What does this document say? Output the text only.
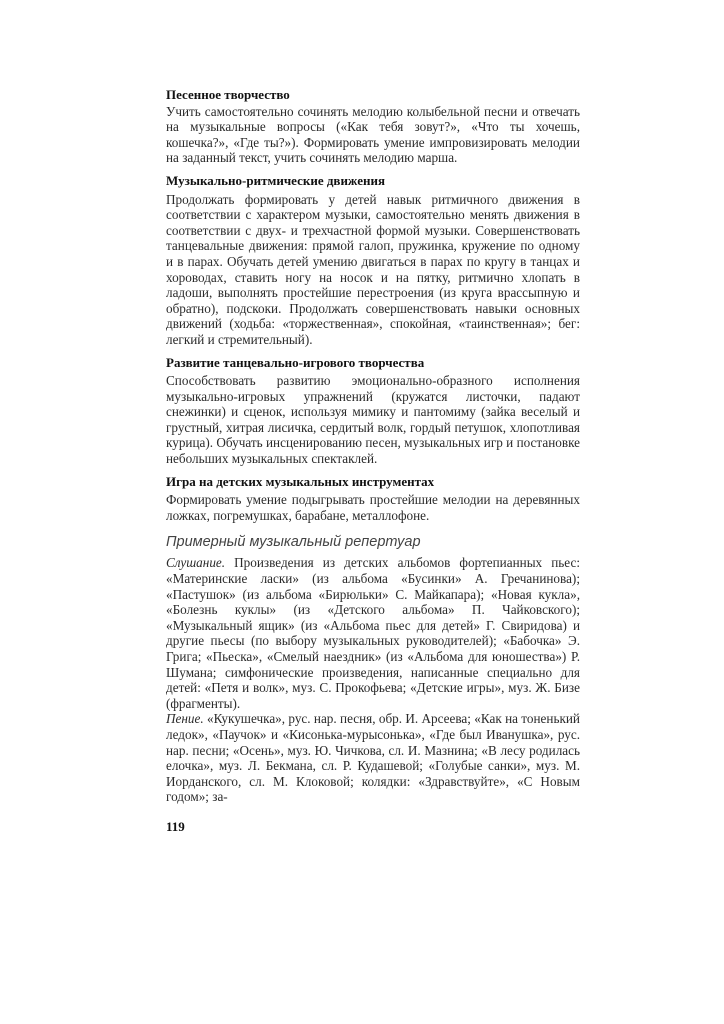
Песенное творчество

Учить самостоятельно сочинять мелодию колыбельной песни и отвечать на музыкальные вопросы («Как тебя зовут?», «Что ты хочешь, кошечка?», «Где ты?»). Формировать умение импровизировать мелодии на заданный текст, учить сочинять мелодию марша.

Музыкально-ритмические движения

Продолжать формировать у детей навык ритмичного движения в соответствии с характером музыки, самостоятельно менять движения в соответствии с двух- и трехчастной формой музыки. Совершенствовать танцевальные движения: прямой галоп, пружинка, кружение по одному и в парах. Обучать детей умению двигаться в парах по кругу в танцах и хороводах, ставить ногу на носок и на пятку, ритмично хлопать в ладоши, выполнять простейшие перестроения (из круга врассыпную и обратно), подскоки. Продолжать совершенствовать навыки основных движений (ходьба: «торжественная», спокойная, «таинственная»; бег: легкий и стремительный).

Развитие танцевально-игрового творчества

Способствовать развитию эмоционально-образного исполнения музыкально-игровых упражнений (кружатся листочки, падают снежинки) и сценок, используя мимику и пантомиму (зайка веселый и грустный, хитрая лисичка, сердитый волк, гордый петушок, хлопотливая курица). Обучать инсценированию песен, музыкальных игр и постановке небольших музыкальных спектаклей.

Игра на детских музыкальных инструментах

Формировать умение подыгрывать простейшие мелодии на деревянных ложках, погремушках, барабане, металлофоне.

Примерный музыкальный репертуар

Слушание. Произведения из детских альбомов фортепианных пьес: «Материнские ласки» (из альбома «Бусинки» А. Гречанинова); «Пастушок» (из альбома «Бирюльки» С. Майкапара); «Новая кукла», «Болезнь куклы» (из «Детского альбома» П. Чайковского); «Музыкальный ящик» (из «Альбома пьес для детей» Г. Свиридова) и другие пьесы (по выбору музыкальных руководителей); «Бабочка» Э. Грига; «Пьеска», «Смелый наездник» (из «Альбома для юношества») Р. Шумана; симфонические произведения, написанные специально для детей: «Петя и волк», муз. С. Прокофьева; «Детские игры», муз. Ж. Бизе (фрагменты).

Пение. «Кукушечка», рус. нар. песня, обр. И. Арсеева; «Как на тоненький ледок», «Паучок» и «Кисонька-мурысонька», «Где был Иванушка», рус. нар. песни; «Осень», муз. Ю. Чичкова, сл. И. Мазнина; «В лесу родилась елочка», муз. Л. Бекмана, сл. Р. Кудашевой; «Голубые санки», муз. М. Иорданского, сл. М. Клоковой; колядки: «Здравствуйте», «С Новым годом»; за-

119
